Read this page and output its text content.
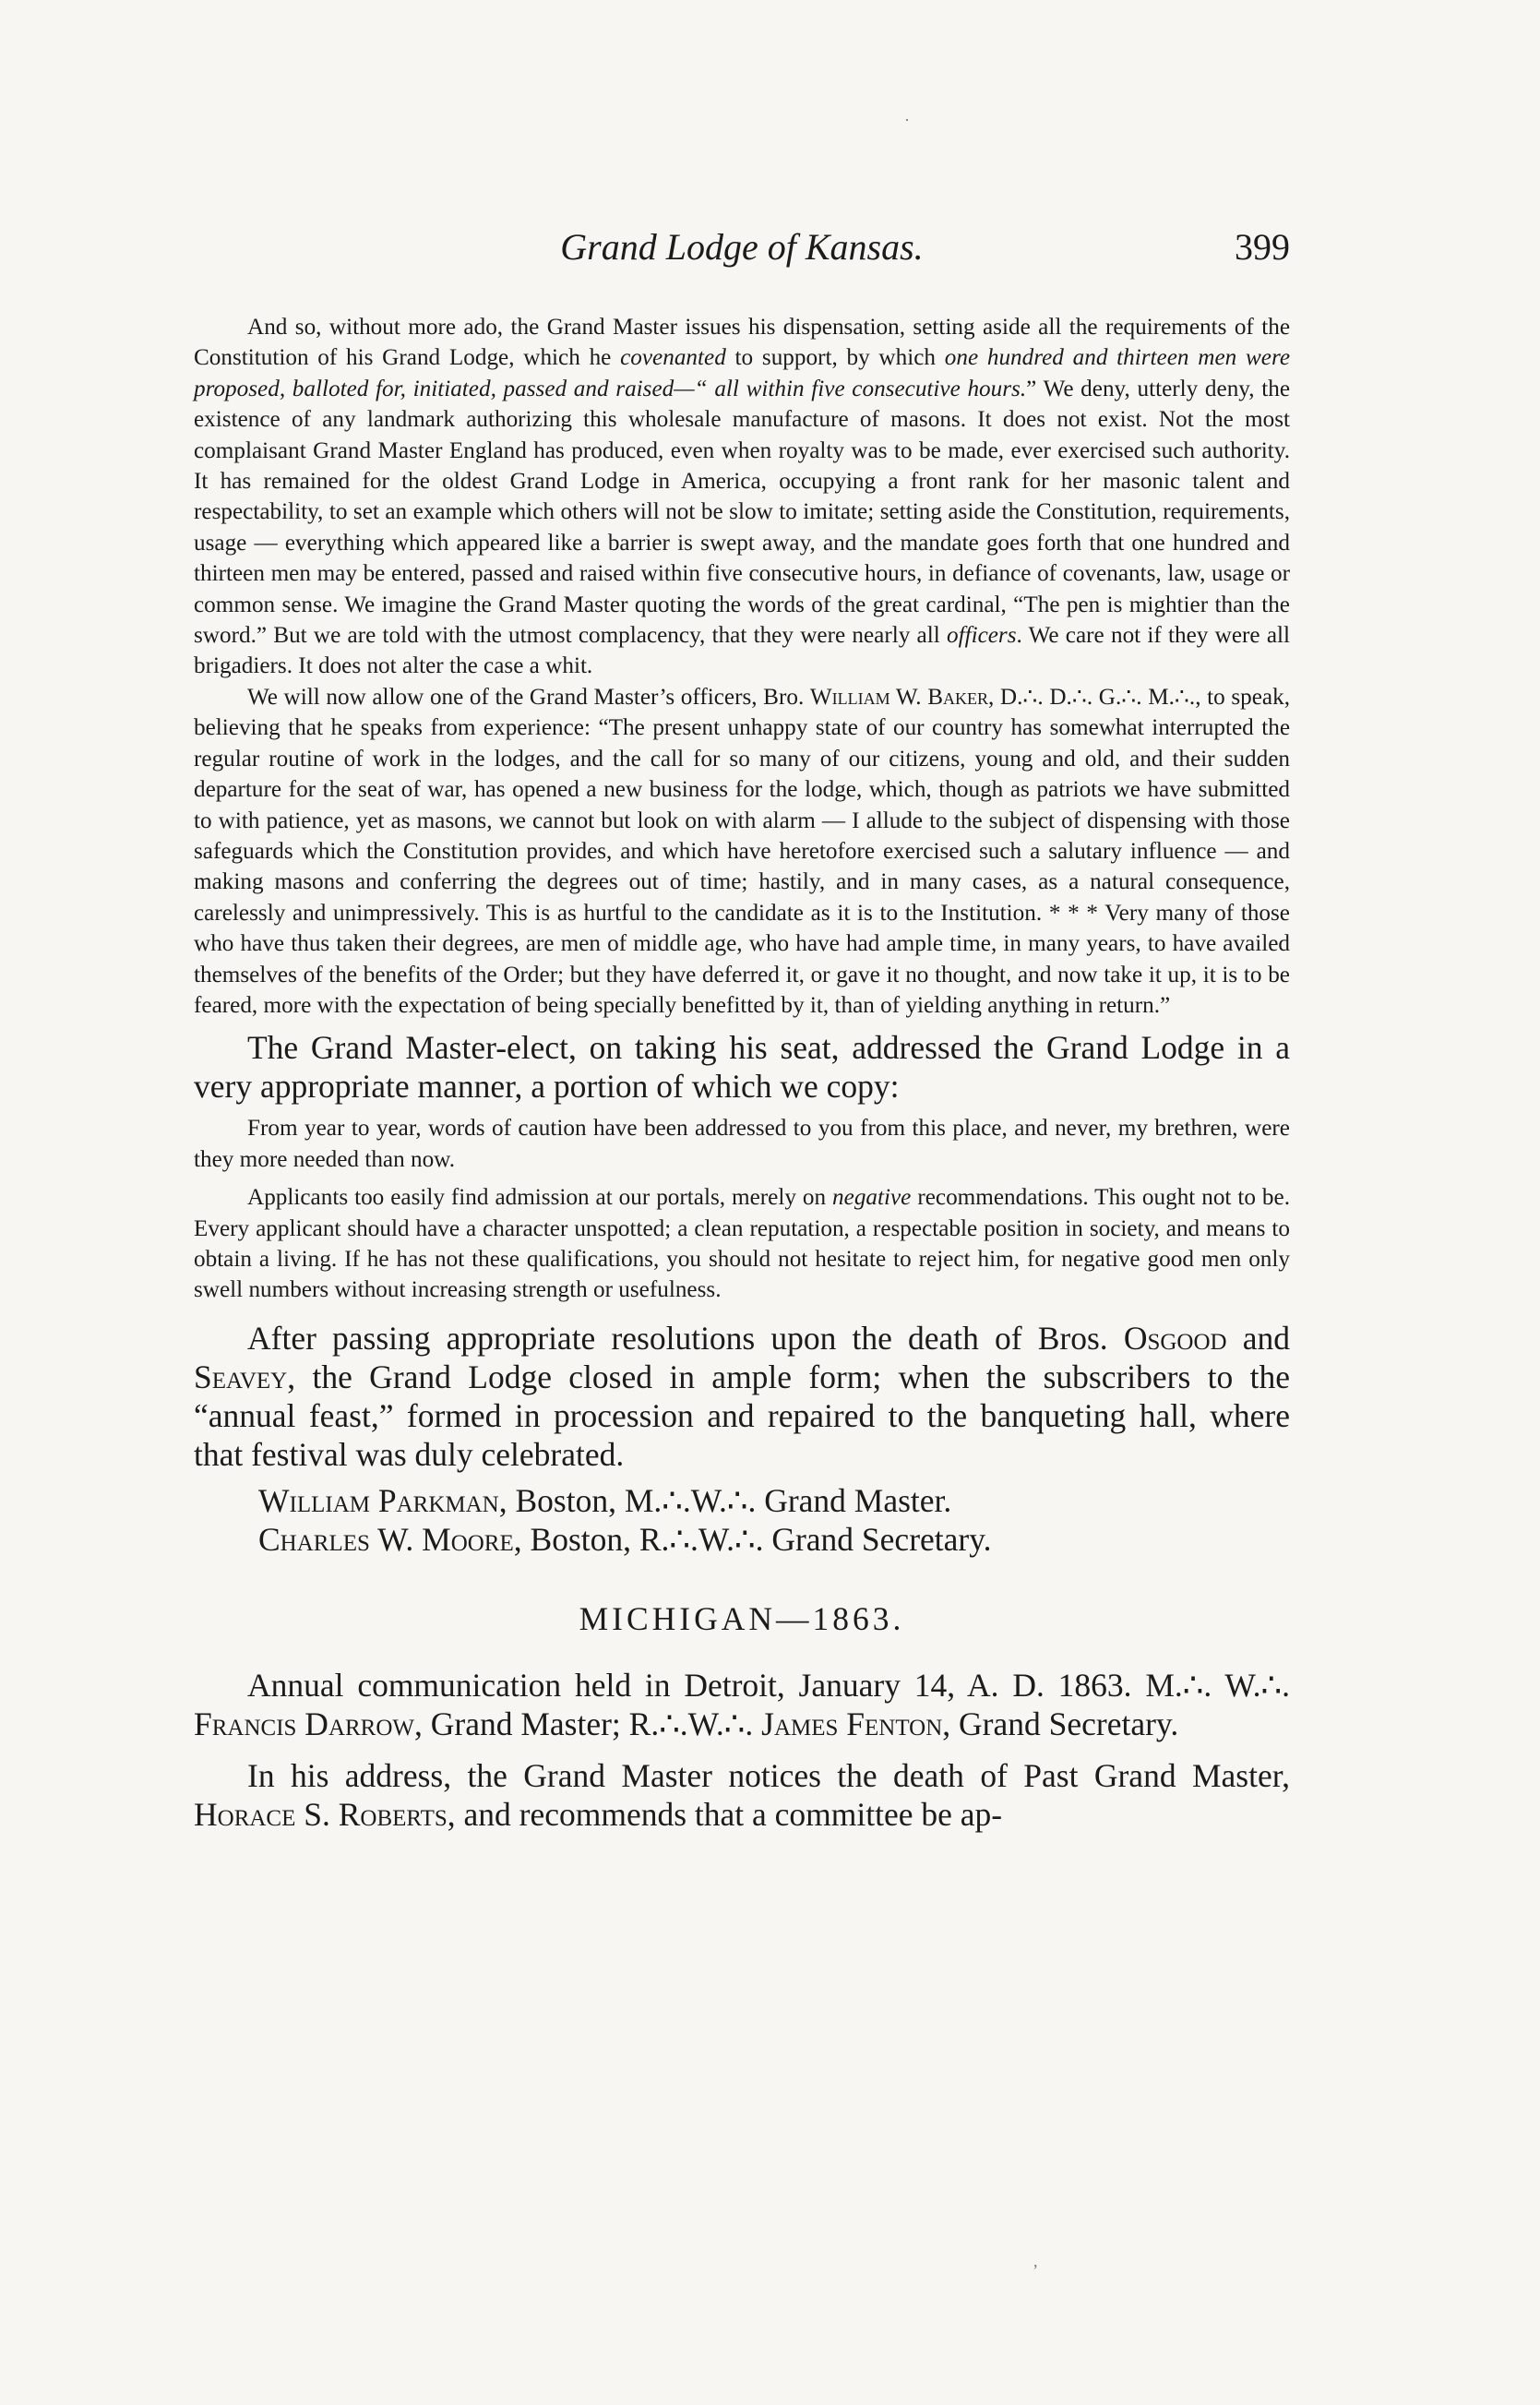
Grand Lodge of Kansas.	399

And so, without more ado, the Grand Master issues his dispensation, setting aside all the requirements of the Constitution of his Grand Lodge, which he covenanted to support, by which one hundred and thirteen men were proposed, balloted for, initiated, passed and raised—“ all within five consecutive hours.” We deny, utterly deny, the existence of any landmark authorizing this wholesale manufacture of masons. It does not exist. Not the most complaisant Grand Master England has produced, even when royalty was to be made, ever exercised such authority. It has remained for the oldest Grand Lodge in America, occupying a front rank for her masonic talent and respectability, to set an example which others will not be slow to imitate; setting aside the Constitution, requirements, usage — everything which appeared like a barrier is swept away, and the mandate goes forth that one hundred and thirteen men may be entered, passed and raised within five consecutive hours, in defiance of covenants, law, usage or common sense. We imagine the Grand Master quoting the words of the great cardinal, “The pen is mightier than the sword.” But we are told with the utmost complacency, that they were nearly all officers. We care not if they were all brigadiers. It does not alter the case a whit.

We will now allow one of the Grand Master’s officers, Bro. William W. Baker, D.∴. D.∴. G.∴. M.∴., to speak, believing that he speaks from experience: “The present unhappy state of our country has somewhat interrupted the regular routine of work in the lodges, and the call for so many of our citizens, young and old, and their sudden departure for the seat of war, has opened a new business for the lodge, which, though as patriots we have submitted to with patience, yet as masons, we cannot but look on with alarm — I allude to the subject of dispensing with those safeguards which the Constitution provides, and which have heretofore exercised such a salutary influence — and making masons and conferring the degrees out of time; hastily, and in many cases, as a natural consequence, carelessly and unimpressively. This is as hurtful to the candidate as it is to the Institution. * * * Very many of those who have thus taken their degrees, are men of middle age, who have had ample time, in many years, to have availed themselves of the benefits of the Order; but they have deferred it, or gave it no thought, and now take it up, it is to be feared, more with the expectation of being specially benefitted by it, than of yielding anything in return.”

The Grand Master-elect, on taking his seat, addressed the Grand Lodge in a very appropriate manner, a portion of which we copy:

From year to year, words of caution have been addressed to you from this place, and never, my brethren, were they more needed than now.

Applicants too easily find admission at our portals, merely on negative recommendations. This ought not to be. Every applicant should have a character unspotted; a clean reputation, a respectable position in society, and means to obtain a living. If he has not these qualifications, you should not hesitate to reject him, for negative good men only swell numbers without increasing strength or usefulness.

After passing appropriate resolutions upon the death of Bros. Osgood and Seavey, the Grand Lodge closed in ample form; when the subscribers to the “annual feast,” formed in procession and repaired to the banqueting hall, where that festival was duly celebrated.

William Parkman, Boston, M.∴.W.∴. Grand Master.

Charles W. Moore, Boston, R.∴.W.∴. Grand Secretary.

MICHIGAN—1863.

Annual communication held in Detroit, January 14, A. D. 1863. M.∴. W.∴. Francis Darrow, Grand Master; R.∴.W.∴. James Fenton, Grand Secretary.

In his address, the Grand Master notices the death of Past Grand Master, Horace S. Roberts, and recommends that a committee be ap-

·
,
